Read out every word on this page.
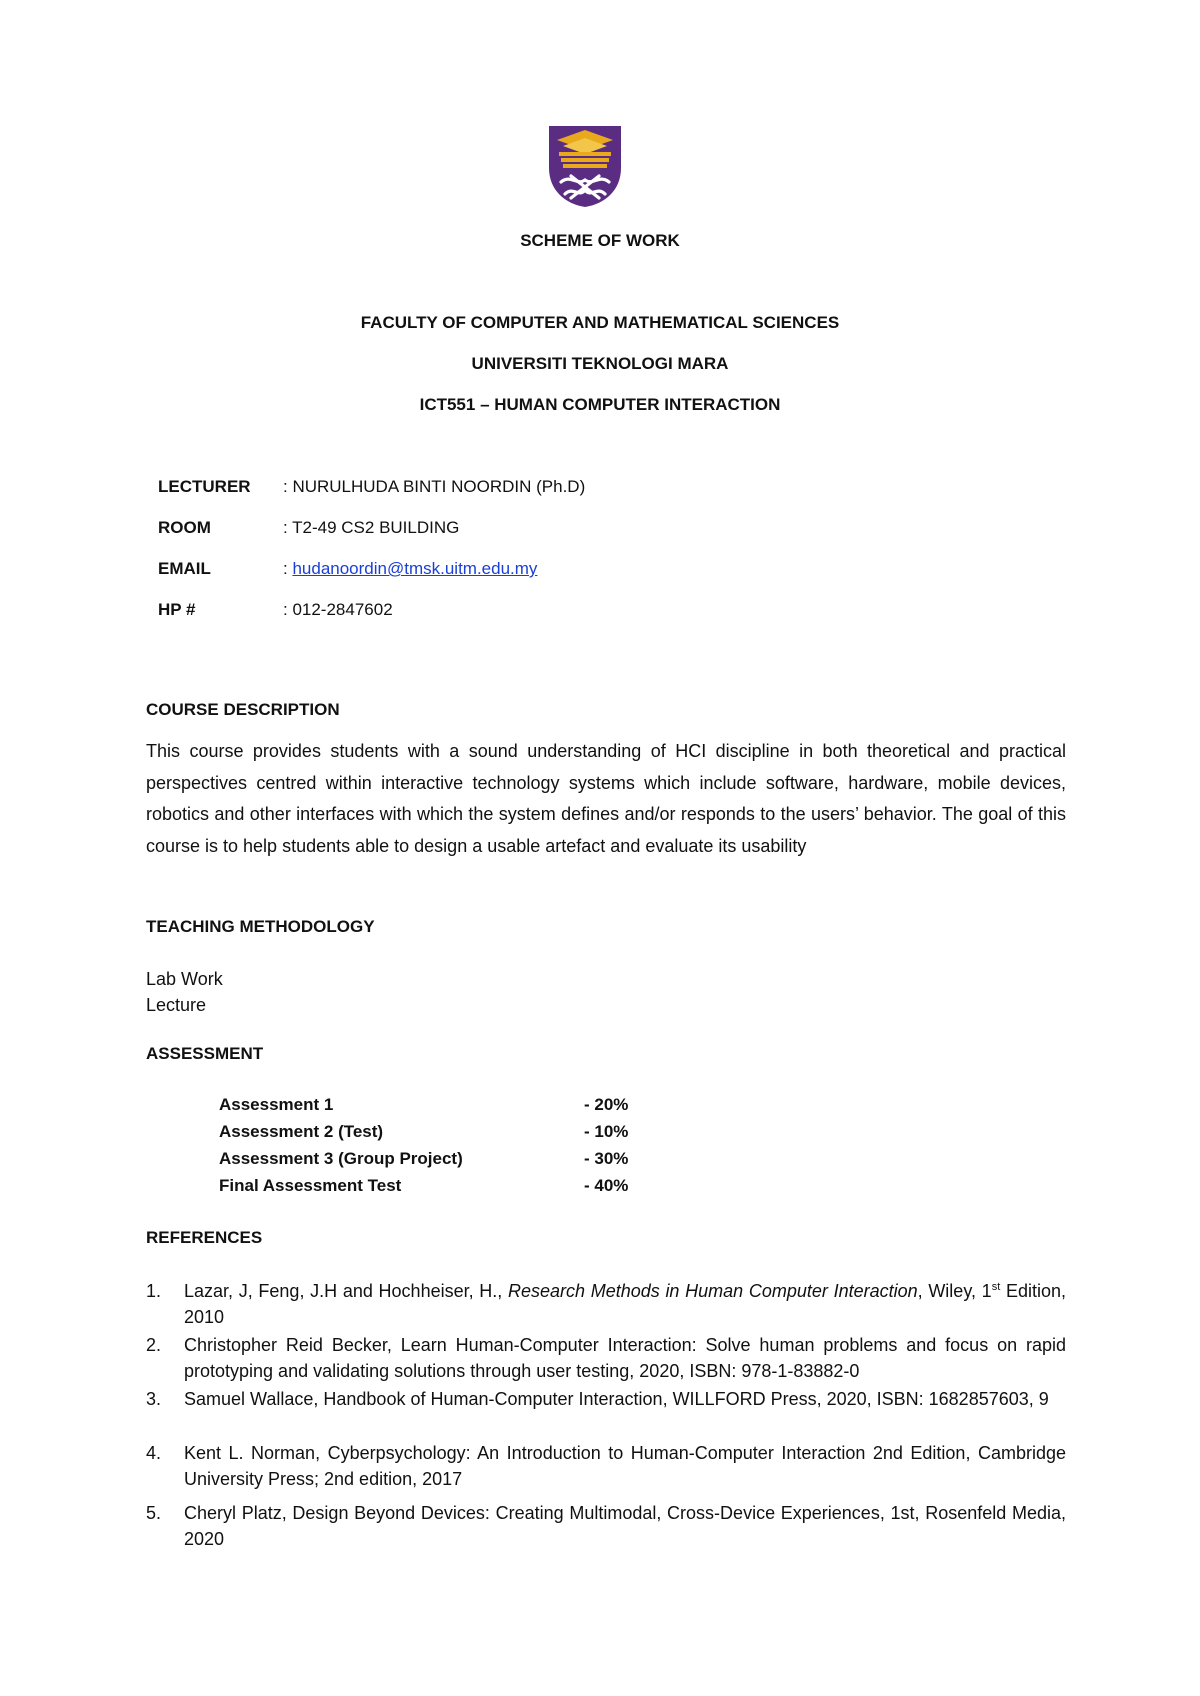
SCHEME OF WORK
FACULTY OF COMPUTER AND MATHEMATICAL SCIENCES
UNIVERSITI TEKNOLOGI MARA
ICT551 – HUMAN COMPUTER INTERACTION
LECTURER	: NURULHUDA BINTI NOORDIN (Ph.D)
ROOM	: T2-49 CS2 BUILDING
EMAIL	: hudanoordin@tmsk.uitm.edu.my
HP #	: 012-2847602
COURSE DESCRIPTION
This course provides students with a sound understanding of HCI discipline in both theoretical and practical perspectives centred within interactive technology systems which include software, hardware, mobile devices, robotics and other interfaces with which the system defines and/or responds to the users’ behavior. The goal of this course is to help students able to design a usable artefact and evaluate its usability
TEACHING METHODOLOGY
Lab Work
Lecture
ASSESSMENT
Assessment 1	- 20%
Assessment 2 (Test)	- 10%
Assessment 3 (Group Project)	- 30%
Final Assessment Test	- 40%
REFERENCES
1.	Lazar, J, Feng, J.H and Hochheiser, H., Research Methods in Human Computer Interaction, Wiley, 1st Edition, 2010
2.	Christopher Reid Becker, Learn Human-Computer Interaction: Solve human problems and focus on rapid prototyping and validating solutions through user testing, 2020, ISBN: 978-1-83882-0
3.	Samuel Wallace, Handbook of Human-Computer Interaction, WILLFORD Press, 2020, ISBN: 1682857603, 9
4.	Kent L. Norman, Cyberpsychology: An Introduction to Human-Computer Interaction 2nd Edition, Cambridge University Press; 2nd edition, 2017
5.	Cheryl Platz, Design Beyond Devices: Creating Multimodal, Cross-Device Experiences, 1st, Rosenfeld Media, 2020
